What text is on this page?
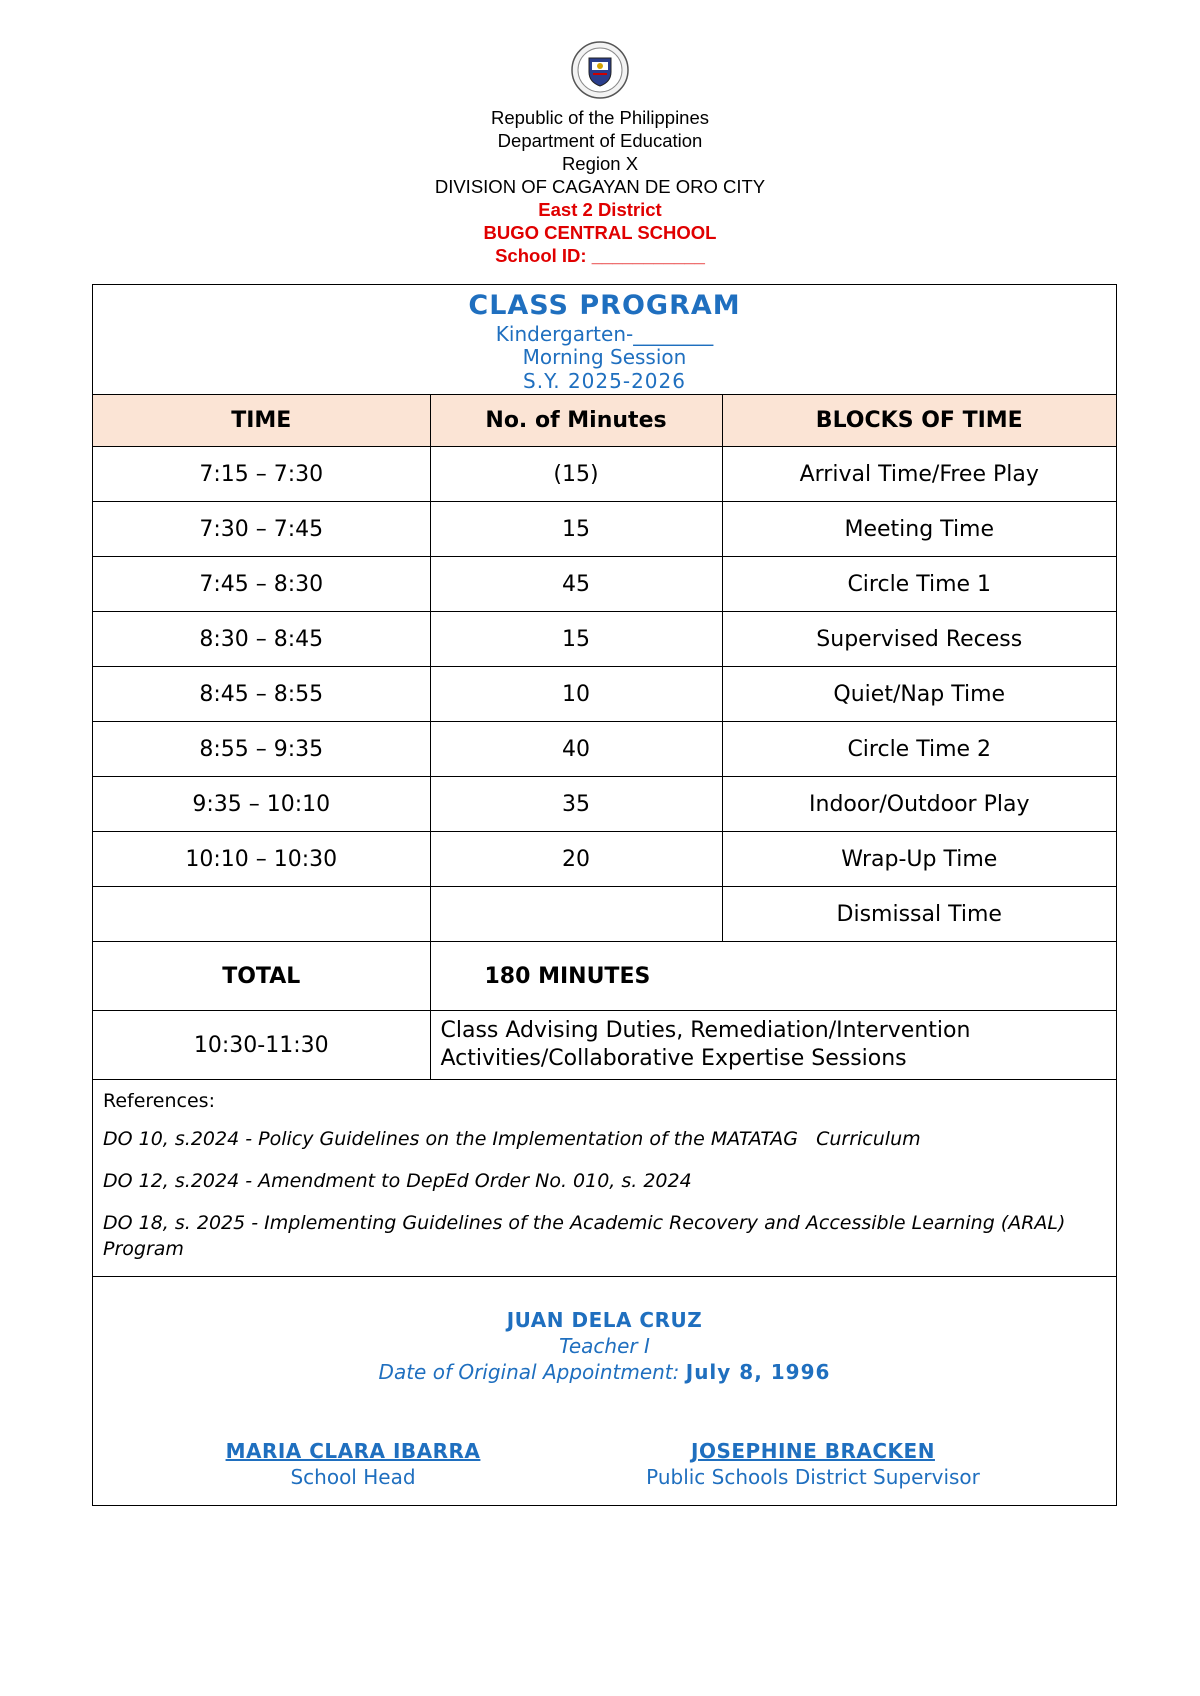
Republic of the Philippines
Department of Education
Region X
DIVISION OF CAGAYAN DE ORO CITY
East 2 District
BUGO CENTRAL SCHOOL
School ID: ___________
CLASS PROGRAM
Kindergarten-________
Morning Session
S.Y. 2025-2026
TIME	No. of Minutes	BLOCKS OF TIME
7:15 – 7:30	(15)	Arrival Time/Free Play
7:30 – 7:45	15	Meeting Time
7:45 – 8:30	45	Circle Time 1
8:30 – 8:45	15	Supervised Recess
8:45 – 8:55	10	Quiet/Nap Time
8:55 – 9:35	40	Circle Time 2
9:35 – 10:10	35	Indoor/Outdoor Play
10:10 – 10:30	20	Wrap-Up Time
		Dismissal Time
TOTAL	180 MINUTES	
10:30-11:30	Class Advising Duties, Remediation/Intervention
Activities/Collaborative Expertise Sessions	
References:
DO 10, s.2024 - Policy Guidelines on the Implementation of the MATATAG   Curriculum
DO 12, s.2024 - Amendment to DepEd Order No. 010, s. 2024
DO 18, s. 2025 - Implementing Guidelines of the Academic Recovery and Accessible Learning (ARAL) Program
JUAN DELA CRUZ
Teacher I
Date of Original Appointment: July 8, 1996
MARIA CLARA IBARRA
School Head
JOSEPHINE BRACKEN
Public Schools District Supervisor
